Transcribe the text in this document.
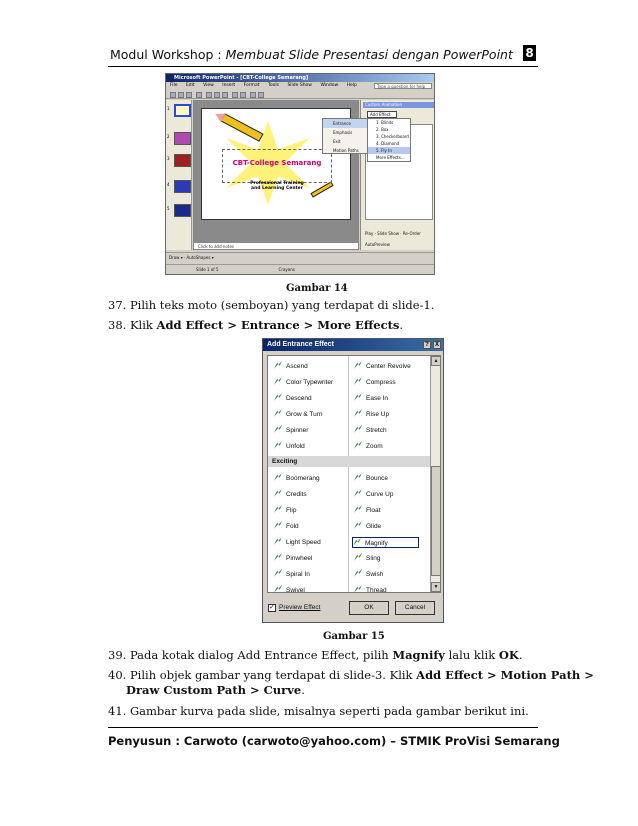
Modul Workshop : Membuat Slide Presentasi dengan PowerPoint 8
Microsoft PowerPoint - [CBT-College Semarang]
File Edit View Insert Format Tools Slide Show Window Help	Type a question for help
1
2
3
4
5
CBT-College Semarang
Professional Training
and Learning Center
Click to add notes
Custom Animation
Add Effect
Play · Slide Show · Re-Order
AutoPreview
Entrance
Emphasis
Exit
Motion Paths
1. Blinds
2. Box
3. Checkerboard
4. Diamond
5. Fly In
More Effects...
Draw ▾ · AutoShapes ▾
Slide 1 of 5	Crayons
Gambar 14
37. Pilih teks moto (semboyan) yang terdapat di slide-1.
38. Klik Add Effect > Entrance > More Effects.
Add Entrance Effect	?	X
Ascend	Center Revolve
Color Typewriter	Compress
Descend	Ease In
Grow & Turn	Rise Up
Spinner	Stretch
Unfold	Zoom
Exciting
Boomerang	Bounce
Credits	Curve Up
Flip	Float
Fold	Glide
Light Speed	Magnify
Pinwheel	Sling
Spiral In	Swish
Swivel	Thread
▲
▼
✓ Preview Effect	OK	Cancel
Gambar 15
39. Pada kotak dialog Add Entrance Effect, pilih Magnify lalu klik OK.
40. Pilih objek gambar yang terdapat di slide-3. Klik Add Effect > Motion Path >
Draw Custom Path > Curve.
41. Gambar kurva pada slide, misalnya seperti pada gambar berikut ini.
Penyusun : Carwoto (carwoto@yahoo.com) – STMIK ProVisi Semarang
